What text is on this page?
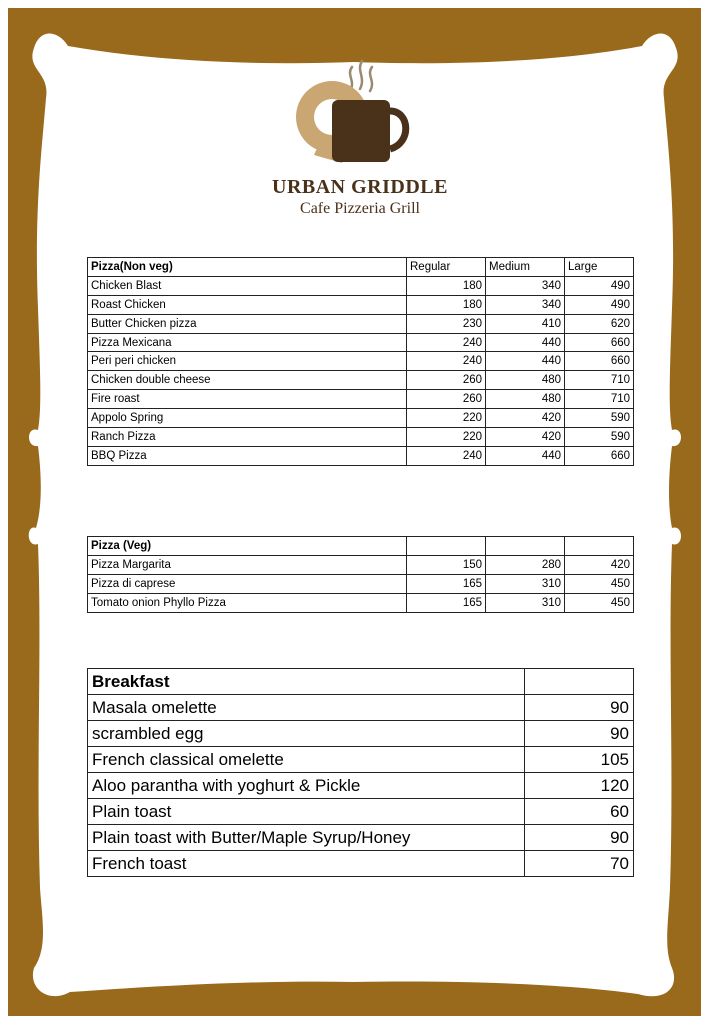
URBAN GRIDDLE
Cafe Pizzeria Grill
Pizza(Non veg)	Regular	Medium	Large
Chicken Blast	180	340	490
Roast Chicken	180	340	490
Butter Chicken pizza	230	410	620
Pizza Mexicana	240	440	660
Peri peri chicken	240	440	660
Chicken double cheese	260	480	710
Fire roast	260	480	710
Appolo Spring	220	420	590
Ranch Pizza	220	420	590
BBQ Pizza	240	440	660
Pizza (Veg)			
Pizza Margarita	150	280	420
Pizza di caprese	165	310	450
Tomato onion Phyllo Pizza	165	310	450
Breakfast	
Masala omelette	90
scrambled egg	90
French classical omelette	105
Aloo parantha with yoghurt & Pickle	120
Plain toast	60
Plain toast with Butter/Maple Syrup/Honey	90
French toast	70
